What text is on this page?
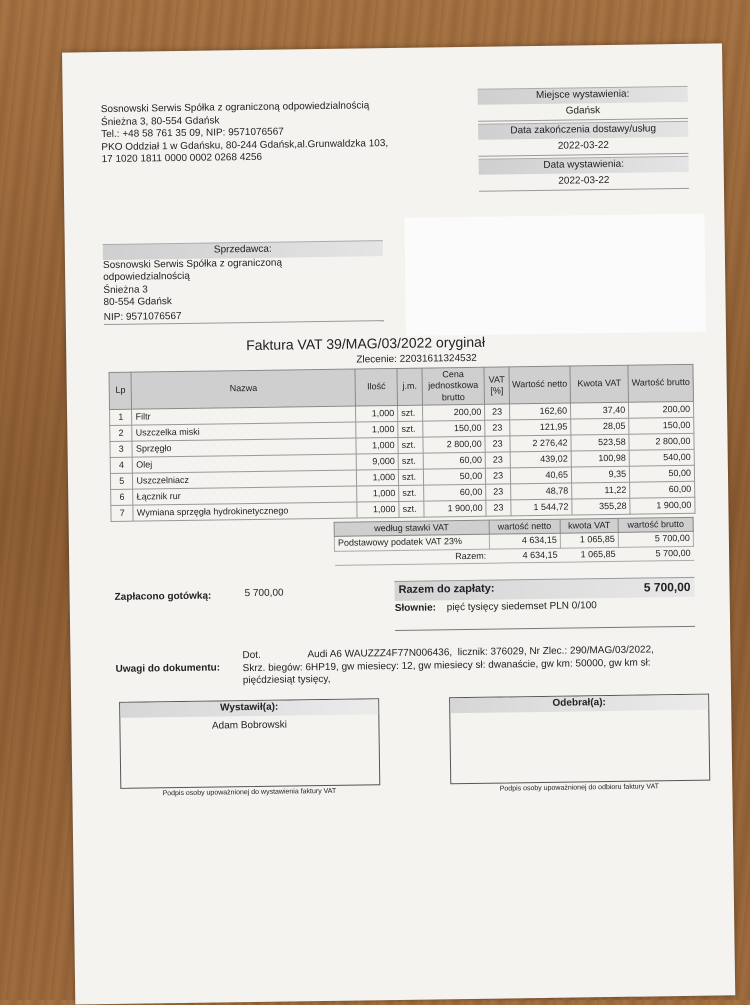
Sosnowski Serwis Spółka z ograniczoną odpowiedzialnością
Śnieżna 3, 80-554 Gdańsk
Tel.: +48 58 761 35 09, NIP: 9571076567
PKO Oddział 1 w Gdańsku, 80-244 Gdańsk,al.Grunwaldzka 103,
17 1020 1811 0000 0002 0268 4256
Miejsce wystawienia:
Gdańsk
Data zakończenia dostawy/usług
2022-03-22
Data wystawienia:
2022-03-22
Sprzedawca:
Sosnowski Serwis Spółka z ograniczoną
odpowiedzialnością
Śnieżna 3
80-554 Gdańsk
NIP: 9571076567
Faktura VAT 39/MAG/03/2022 oryginał
Zlecenie: 22031611324532
Lp	Nazwa	Ilość	j.m.	Cena jednostkowa brutto	VAT [%]	Wartość netto	Kwota VAT	Wartość brutto
1	Filtr	1,000	szt.	200,00	23	162,60	37,40	200,00
2	Uszczelka miski	1,000	szt.	150,00	23	121,95	28,05	150,00
3	Sprzęgło	1,000	szt.	2 800,00	23	2 276,42	523,58	2 800,00
4	Olej	9,000	szt.	60,00	23	439,02	100,98	540,00
5	Uszczelniacz	1,000	szt.	50,00	23	40,65	9,35	50,00
6	Łącznik rur	1,000	szt.	60,00	23	48,78	11,22	60,00
7	Wymiana sprzęgła hydrokinetycznego	1,000	szt.	1 900,00	23	1 544,72	355,28	1 900,00
według stawki VAT	wartość netto	kwota VAT	wartość brutto
Podstawowy podatek VAT 23%	4 634,15	1 065,85	5 700,00
Razem:	4 634,15	1 065,85	5 700,00
Zapłacono gotówką:	5 700,00	Razem do zapłaty:	5 700,00
Słownie: pięć tysięcy siedemset PLN 0/100
Uwagi do dokumentu:
Dot.                 Audi A6 WAUZZZ4F77N006436,  licznik: 376029, Nr Zlec.: 290/MAG/03/2022,
Skrz. biegów: 6HP19, gw miesiecy: 12, gw miesiecy sł: dwanaście, gw km: 50000, gw km sł:
pięćdziesiąt tysięcy,
Wystawił(a):
Adam Bobrowski
Podpis osoby upoważnionej do wystawienia faktury VAT
Odebrał(a):
Podpis osoby upoważnionej do odbioru faktury VAT
